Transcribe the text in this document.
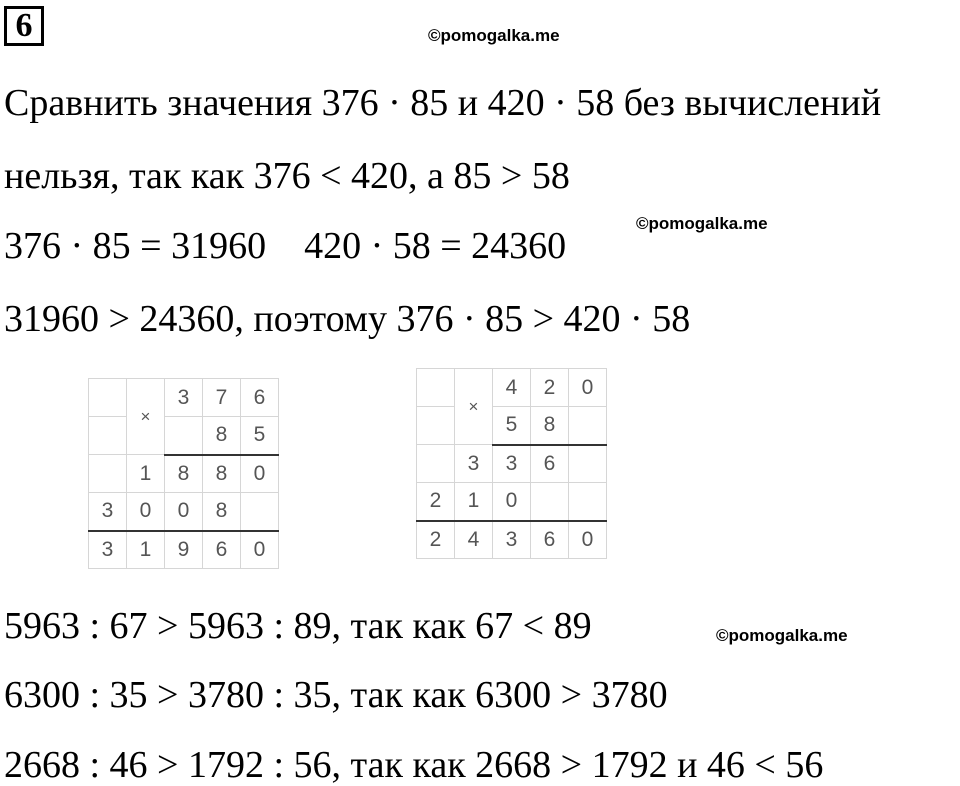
6	©pomogalka.me
©pomogalka.me
©pomogalka.me
Сравнить значения 376 · 85 и 420 · 58 без вычислений
нельзя, так как 376 < 420, а 85 > 58
376 · 85 = 31960    420 · 58 = 24360
31960 > 24360, поэтому 376 · 85 > 420 · 58
5963 : 67 > 5963 : 89, так как 67 < 89
6300 : 35 > 3780 : 35, так как 6300 > 3780
2668 : 46 > 1792 : 56, так как 2668 > 1792 и 46 < 56
	×	3	7	6
			8	5
	1	8	8	0
3	0	0	8	
3	1	9	6	0
	×	4	2	0
		5	8	
	3	3	6	
2	1	0		
2	4	3	6	0
